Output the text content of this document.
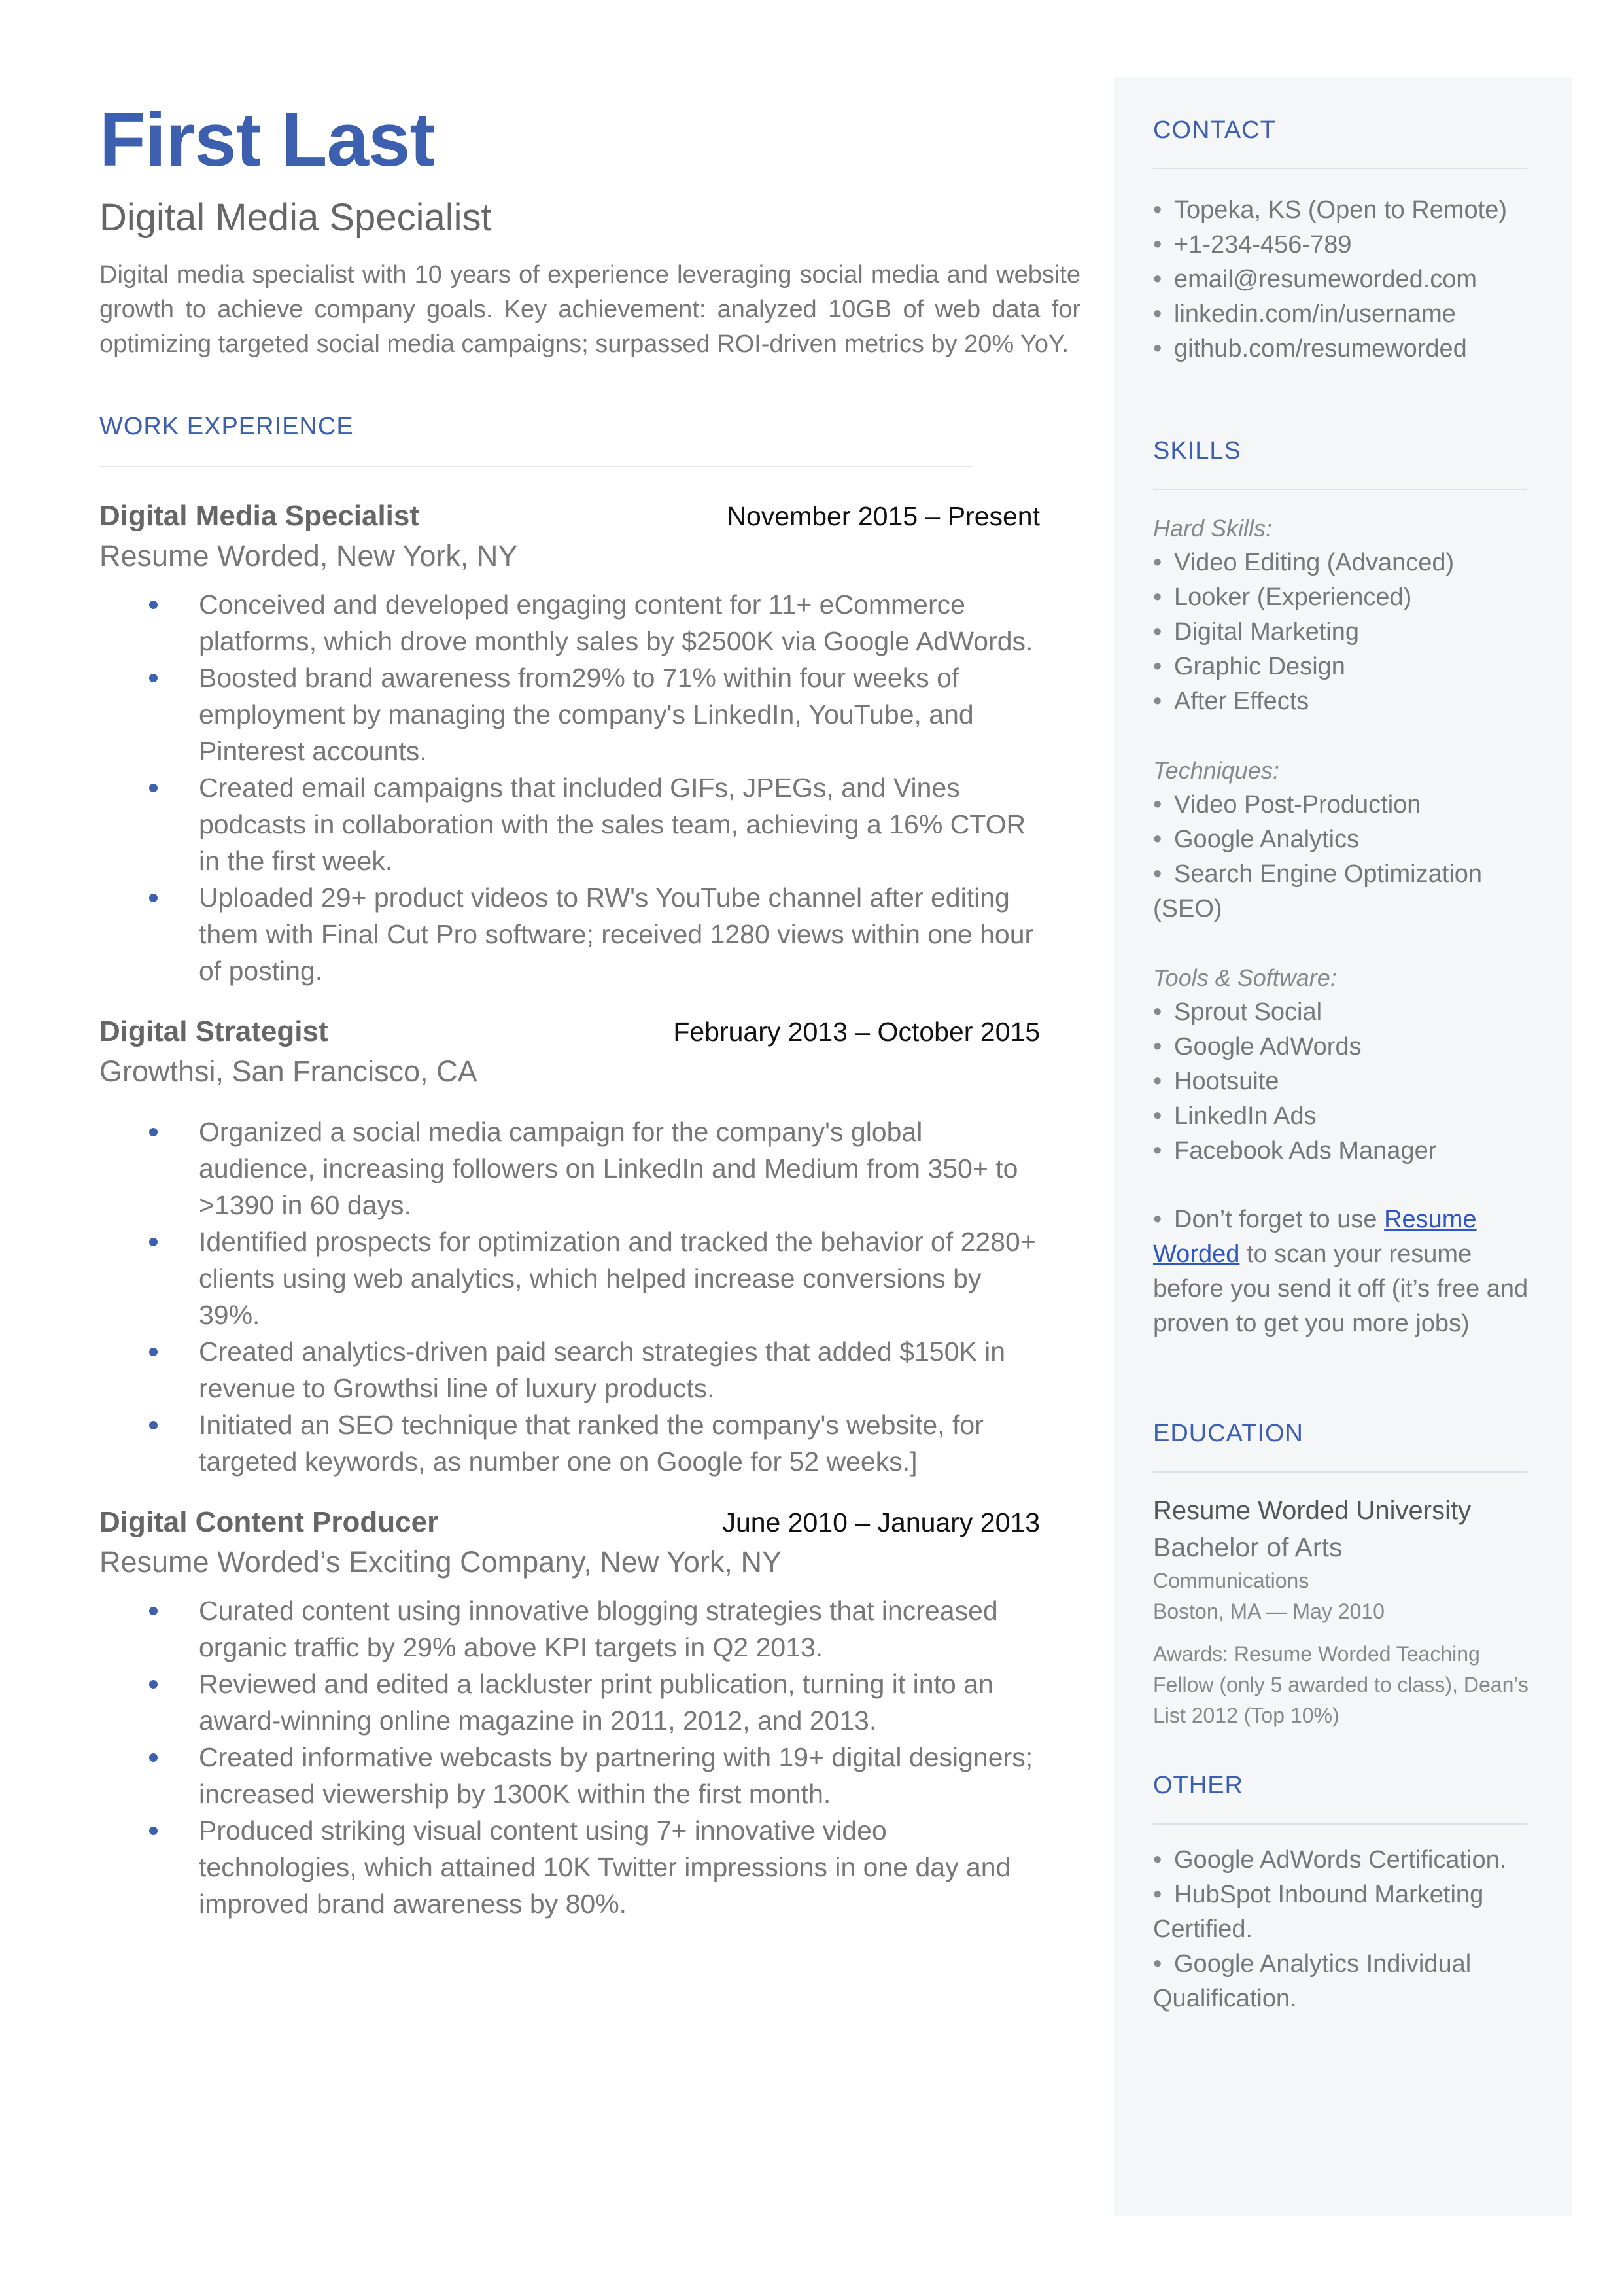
First Last
Digital Media Specialist
Digital media specialist with 10 years of experience leveraging social media and website growth to achieve company goals. Key achievement: analyzed 10GB of web data for optimizing targeted social media campaigns; surpassed ROI-driven metrics by 20% YoY.
WORK EXPERIENCE
Digital Media Specialist	November 2015 – Present
Resume Worded, New York, NY
Conceived and developed engaging content for 11+ eCommerce platforms, which drove monthly sales by $2500K via Google AdWords.
Boosted brand awareness from29% to 71% within four weeks of employment by managing the company's LinkedIn, YouTube, and Pinterest accounts.
Created email campaigns that included GIFs, JPEGs, and Vines podcasts in collaboration with the sales team, achieving a 16% CTOR in the first week.
Uploaded 29+ product videos to RW's YouTube channel after editing them with Final Cut Pro software; received 1280 views within one hour of posting.
Digital Strategist	February 2013 – October 2015
Growthsi, San Francisco, CA
Organized a social media campaign for the company's global audience, increasing followers on LinkedIn and Medium from 350+ to >1390 in 60 days.
Identified prospects for optimization and tracked the behavior of 2280+ clients using web analytics, which helped increase conversions by 39%.
Created analytics-driven paid search strategies that added $150K in revenue to Growthsi line of luxury products.
Initiated an SEO technique that ranked the company's website, for targeted keywords, as number one on Google for 52 weeks.]
Digital Content Producer	June 2010 – January 2013
Resume Worded’s Exciting Company, New York, NY
Curated content using innovative blogging strategies that increased organic traffic by 29% above KPI targets in Q2 2013.
Reviewed and edited a lackluster print publication, turning it into an award-winning online magazine in 2011, 2012, and 2013.
Created informative webcasts by partnering with 19+ digital designers; increased viewership by 1300K within the first month.
Produced striking visual content using 7+ innovative video technologies, which attained 10K Twitter impressions in one day and improved brand awareness by 80%.
CONTACT
• Topeka, KS (Open to Remote)
• +1-234-456-789
• email@resumeworded.com
• linkedin.com/in/username
• github.com/resumeworded
SKILLS
Hard Skills:
• Video Editing (Advanced)
• Looker (Experienced)
• Digital Marketing
• Graphic Design
• After Effects
Techniques:
• Video Post-Production
• Google Analytics
• Search Engine Optimization (SEO)
Tools & Software:
• Sprout Social
• Google AdWords
• Hootsuite
• LinkedIn Ads
• Facebook Ads Manager
• Don’t forget to use Resume Worded to scan your resume before you send it off (it’s free and proven to get you more jobs)
EDUCATION
Resume Worded University
Bachelor of Arts
Communications
Boston, MA — May 2010
Awards: Resume Worded Teaching Fellow (only 5 awarded to class), Dean’s List 2012 (Top 10%)
OTHER
• Google AdWords Certification.
• HubSpot Inbound Marketing Certified.
• Google Analytics Individual Qualification.
